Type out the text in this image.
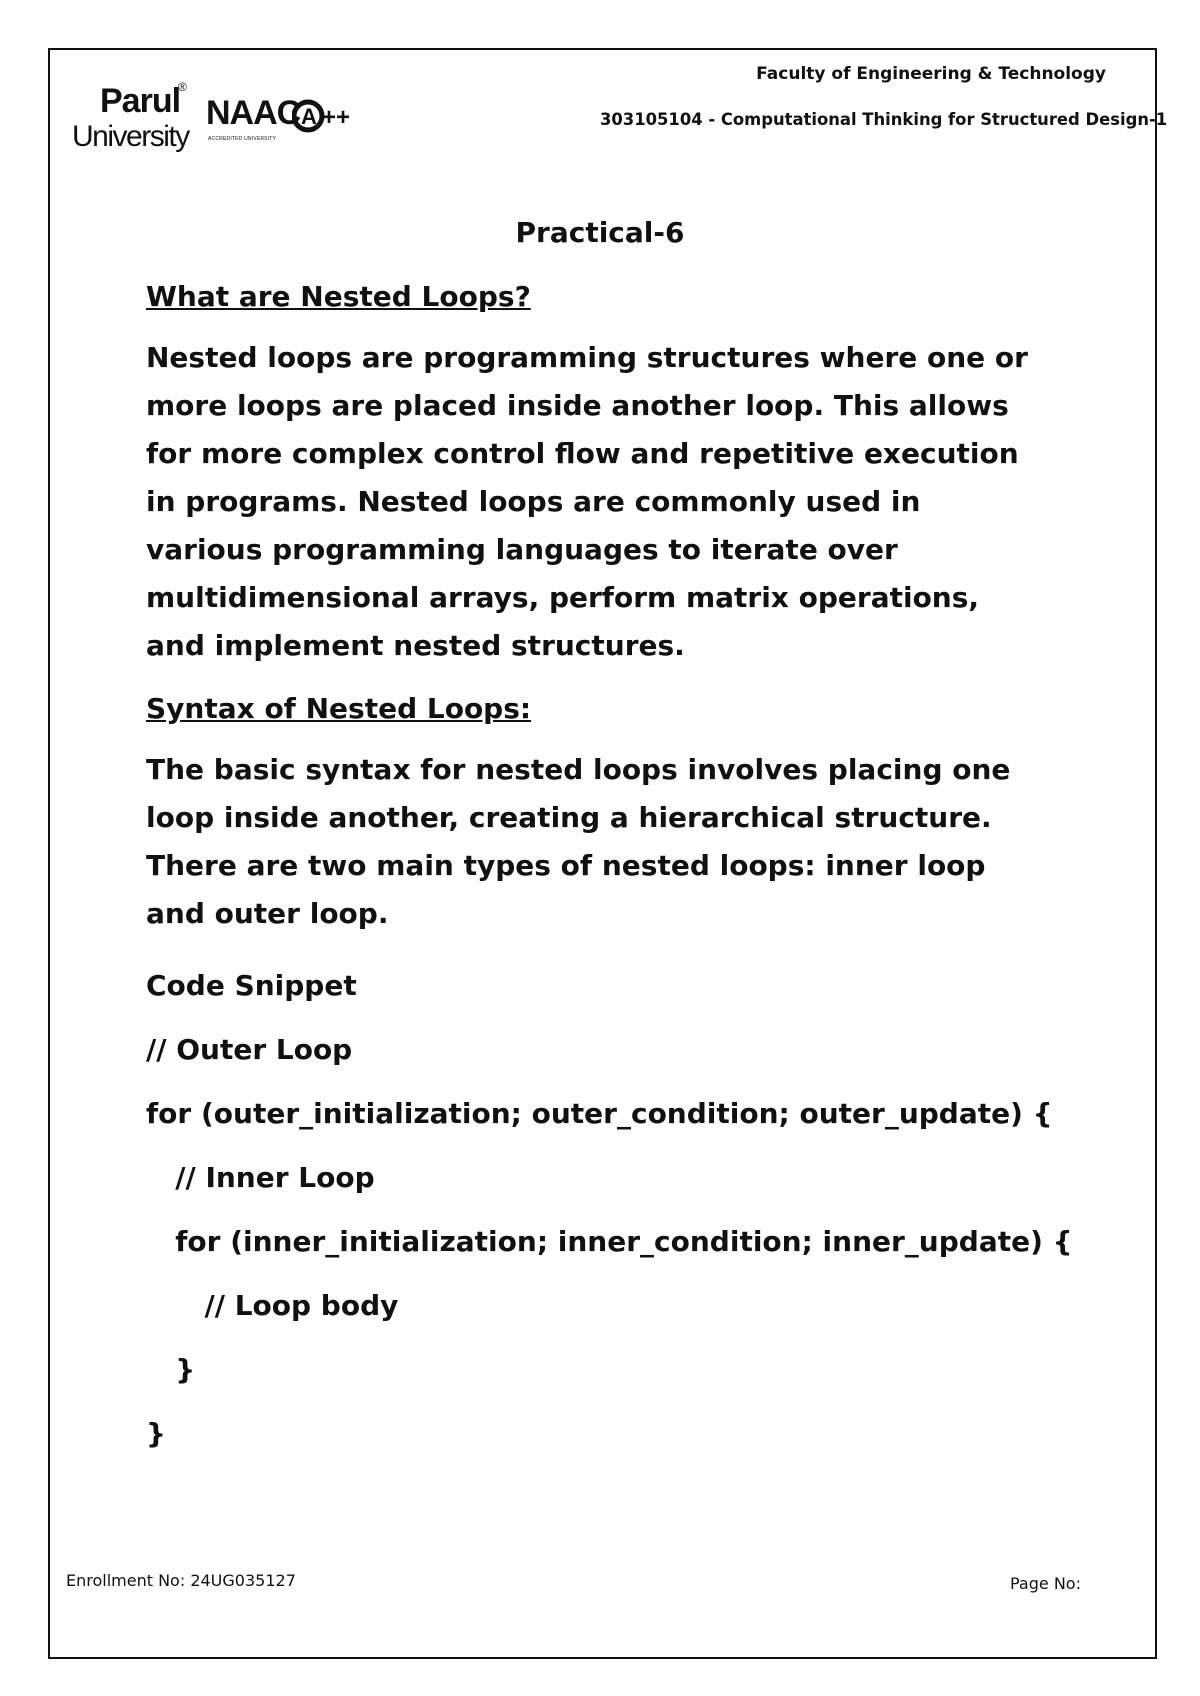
Parul
®
University
NAAC
ACCREDITED UNIVERSITY
A ++
Faculty of Engineering & Technology
303105104 - Computational Thinking for Structured Design-1
Practical-6

What are Nested Loops?

Nested loops are programming structures where one or more loops are placed inside another loop. This allows for more complex control flow and repetitive execution in programs. Nested loops are commonly used in various programming languages to iterate over multidimensional arrays, perform matrix operations, and implement nested structures.

Syntax of Nested Loops:

The basic syntax for nested loops involves placing one loop inside another, creating a hierarchical structure. There are two main types of nested loops: inner loop and outer loop.

Code Snippet

// Outer Loop

for (outer_initialization; outer_condition; outer_update) {

// Inner Loop

for (inner_initialization; inner_condition; inner_update) {

// Loop body

}

}

Enrollment No: 24UG035127	Page No:
